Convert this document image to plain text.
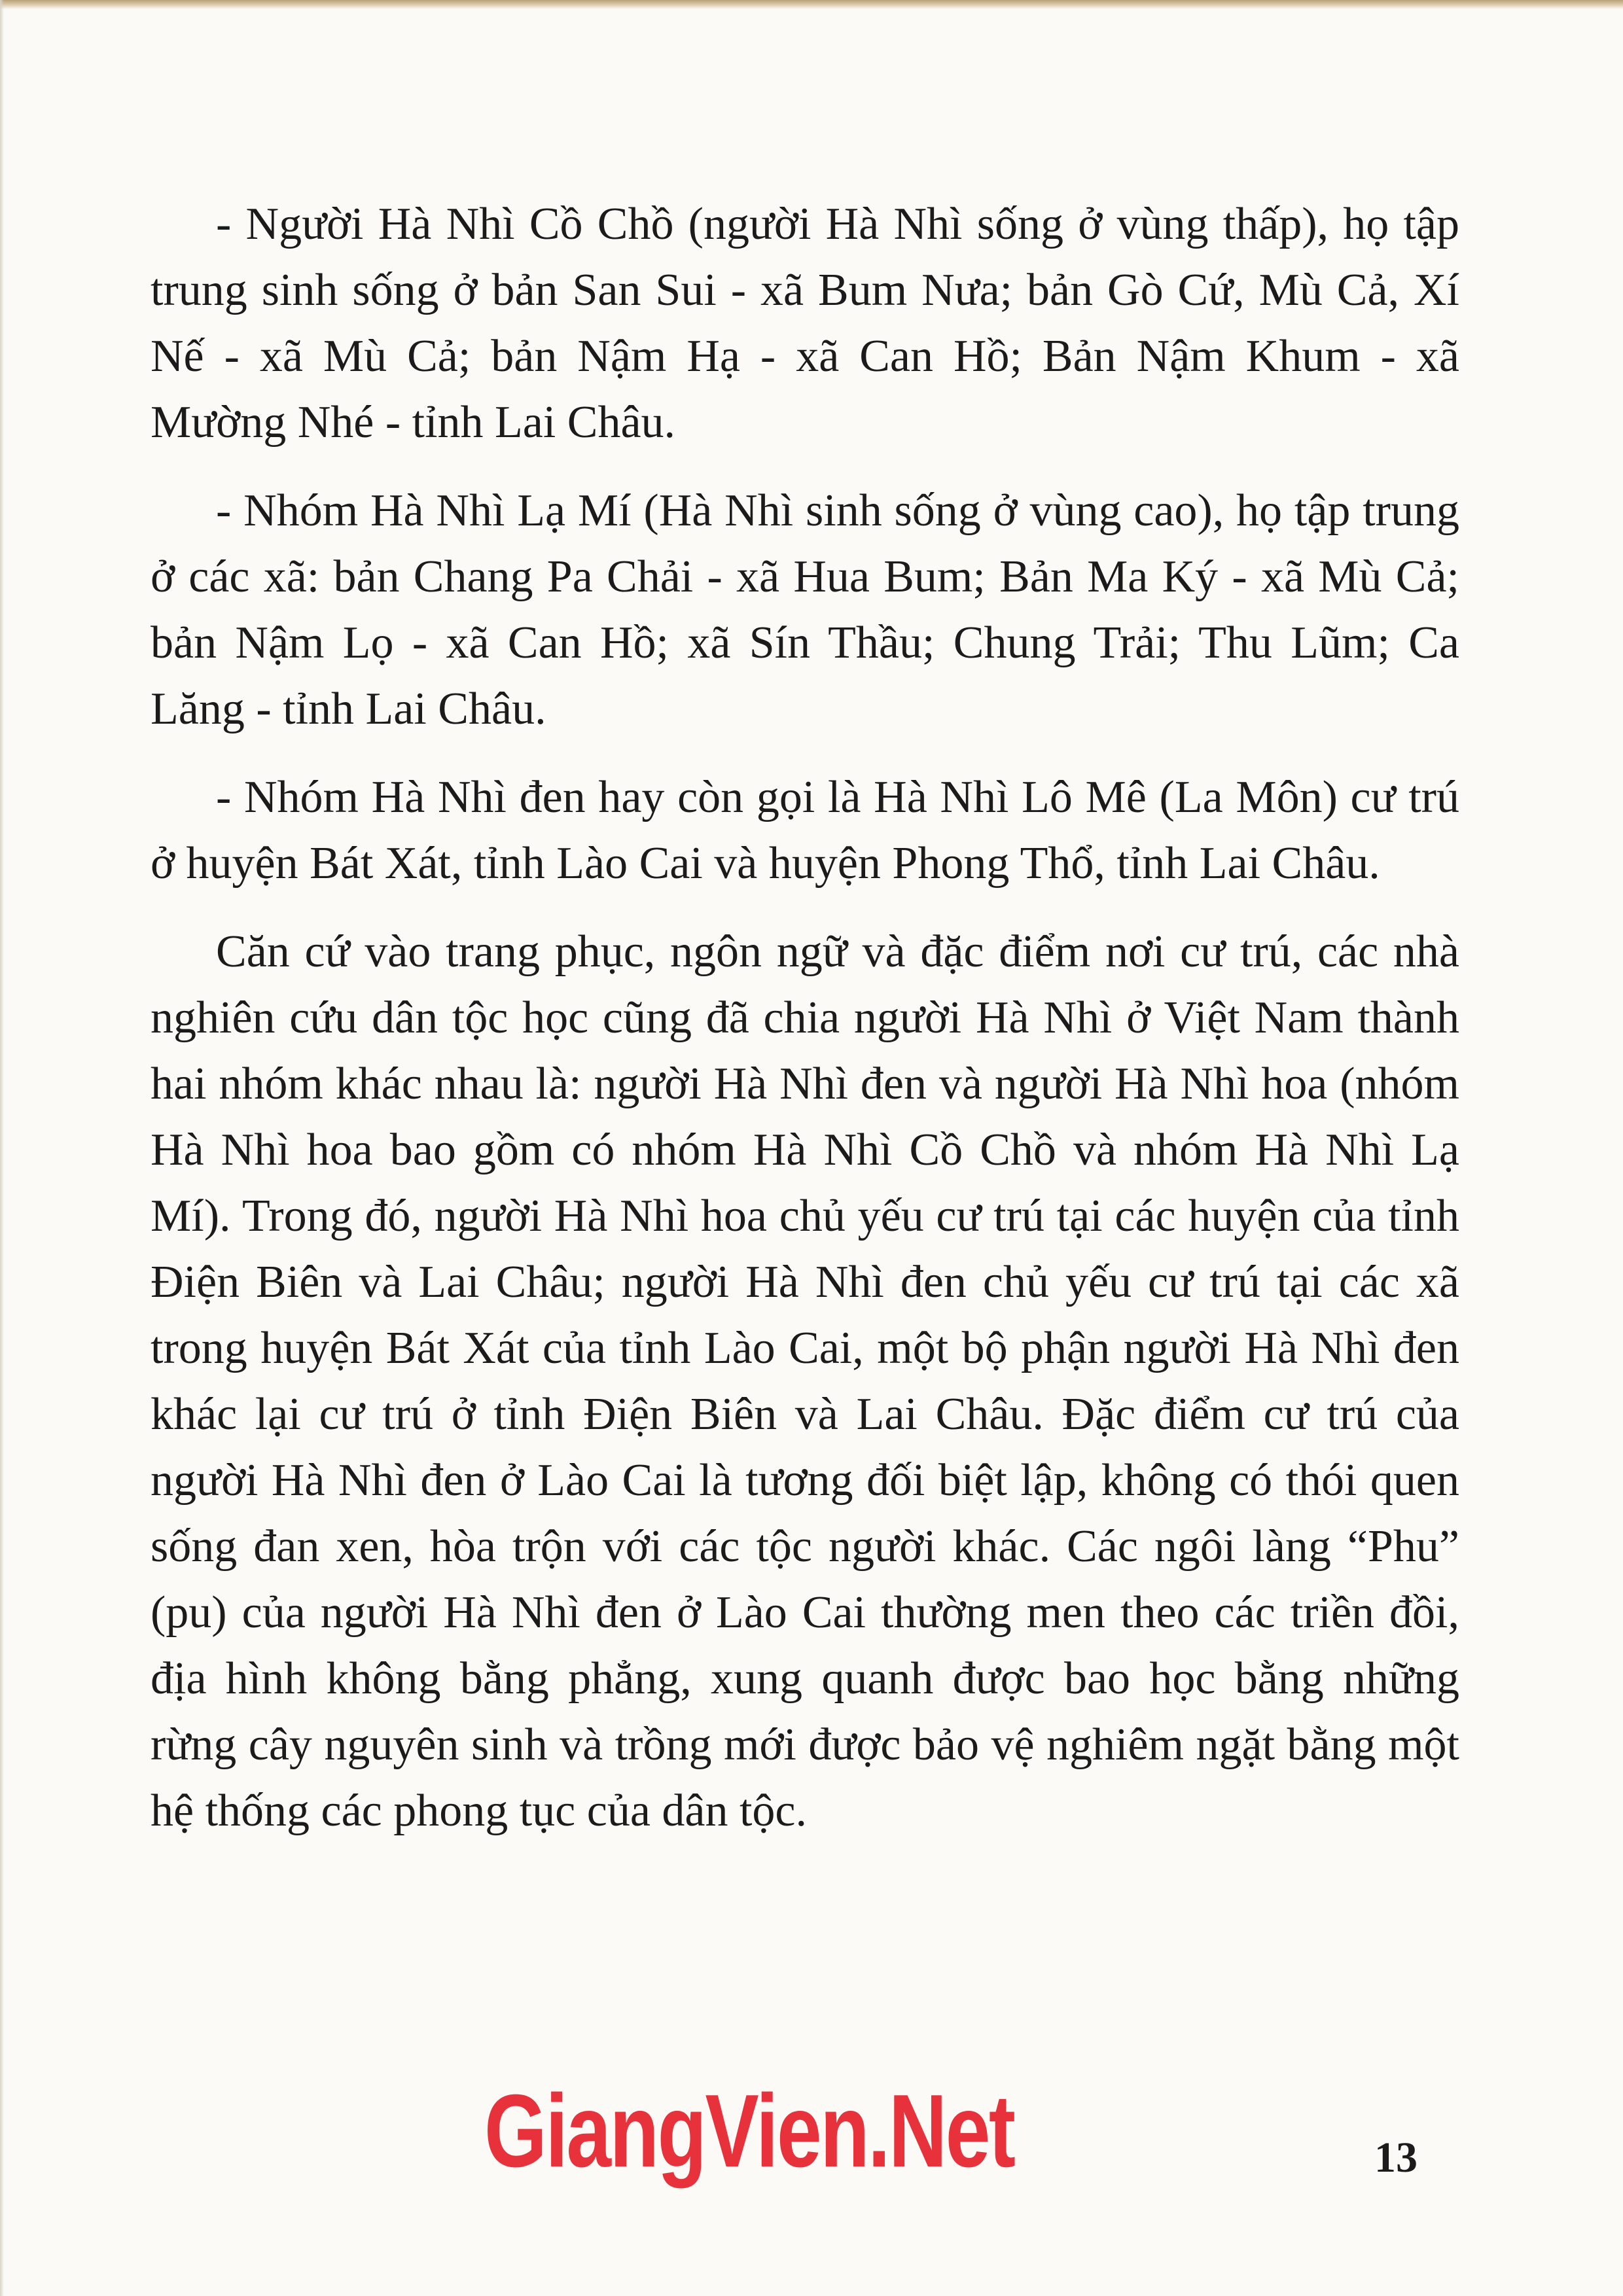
- Người Hà Nhì Cồ Chồ (người Hà Nhì sống ở vùng thấp), họ tập trung sinh sống ở bản San Sui - xã Bum Nưa; bản Gò Cứ, Mù Cả, Xí Nế - xã Mù Cả; bản Nậm Hạ - xã Can Hồ; Bản Nậm Khum - xã Mường Nhé - tỉnh Lai Châu.

- Nhóm Hà Nhì Lạ Mí (Hà Nhì sinh sống ở vùng cao), họ tập trung ở các xã: bản Chang Pa Chải - xã Hua Bum; Bản Ma Ký - xã Mù Cả; bản Nậm Lọ - xã Can Hồ; xã Sín Thầu; Chung Trải; Thu Lũm; Ca Lăng - tỉnh Lai Châu.

- Nhóm Hà Nhì đen hay còn gọi là Hà Nhì Lô Mê (La Môn) cư trú ở huyện Bát Xát, tỉnh Lào Cai và huyện Phong Thổ, tỉnh Lai Châu.

Căn cứ vào trang phục, ngôn ngữ và đặc điểm nơi cư trú, các nhà nghiên cứu dân tộc học cũng đã chia người Hà Nhì ở Việt Nam thành hai nhóm khác nhau là: người Hà Nhì đen và người Hà Nhì hoa (nhóm Hà Nhì hoa bao gồm có nhóm Hà Nhì Cồ Chồ và nhóm Hà Nhì Lạ Mí). Trong đó, người Hà Nhì hoa chủ yếu cư trú tại các huyện của tỉnh Điện Biên và Lai Châu; người Hà Nhì đen chủ yếu cư trú tại các xã trong huyện Bát Xát của tỉnh Lào Cai, một bộ phận người Hà Nhì đen khác lại cư trú ở tỉnh Điện Biên và Lai Châu. Đặc điểm cư trú của người Hà Nhì đen ở Lào Cai là tương đối biệt lập, không có thói quen sống đan xen, hòa trộn với các tộc người khác. Các ngôi làng “Phu” (pu) của người Hà Nhì đen ở Lào Cai thường men theo các triền đồi, địa hình không bằng phẳng, xung quanh được bao học bằng những rừng cây nguyên sinh và trồng mới được bảo vệ nghiêm ngặt bằng một hệ thống các phong tục của dân tộc.

GiangVien.Net	13
